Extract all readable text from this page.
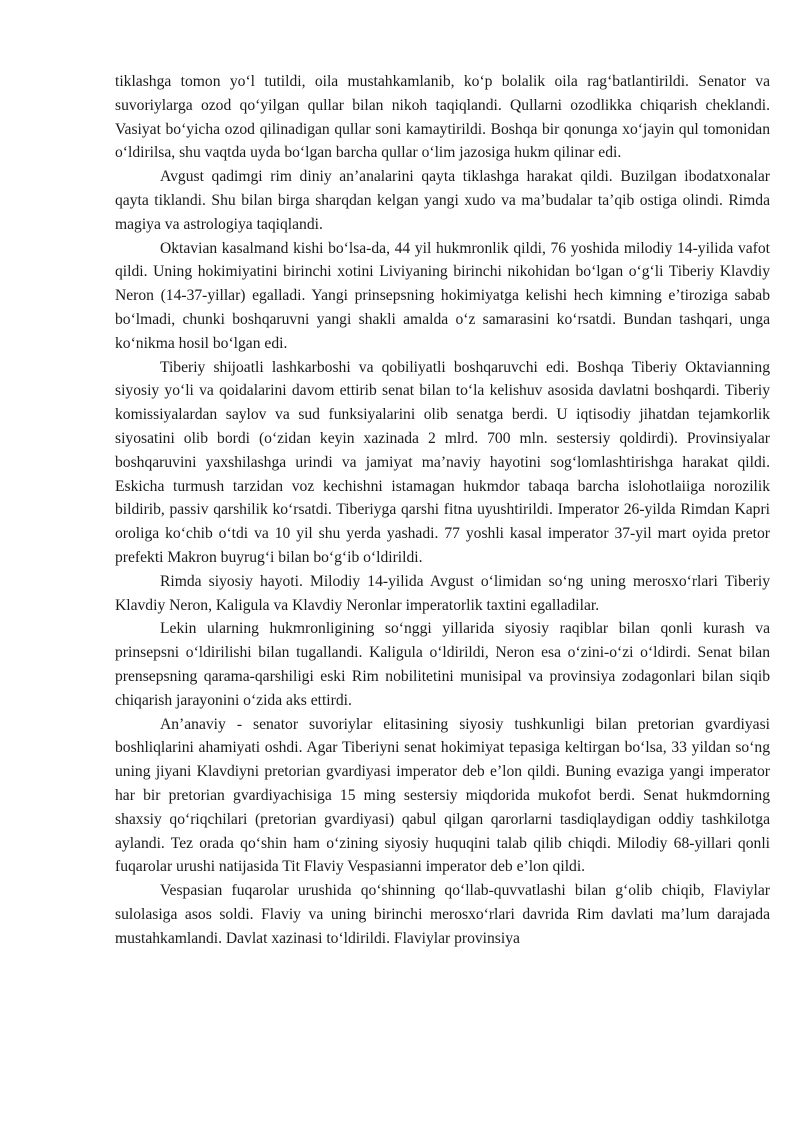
tiklashga tomon yo‘l tutildi, oila mustahkamlanib, ko‘p bolalik oila rag‘batlantirildi. Senator va suvoriylarga ozod qo‘yilgan qullar bilan nikoh taqiqlandi. Qullarni ozodlikka chiqarish cheklandi. Vasiyat bo‘yicha ozod qilinadigan qullar soni kamaytirildi. Boshqa bir qonunga xo‘jayin qul tomonidan o‘ldirilsa, shu vaqtda uyda bo‘lgan barcha qullar o‘lim jazosiga hukm qilinar edi.

Avgust qadimgi rim diniy an’analarini qayta tiklashga harakat qildi. Buzilgan ibodatxonalar qayta tiklandi. Shu bilan birga sharqdan kelgan yangi xudo va ma’budalar ta’qib ostiga olindi. Rimda magiya va astrologiya taqiqlandi.

Oktavian kasalmand kishi bo‘lsa-da, 44 yil hukmronlik qildi, 76 yoshida milodiy 14-yilida vafot qildi. Uning hokimiyatini birinchi xotini Liviyaning birinchi nikohidan bo‘lgan o‘g‘li Tiberiy Klavdiy Neron (14-37-yillar) egalladi. Yangi prinsepsning hokimiyatga kelishi hech kimning e’tiroziga sabab bo‘lmadi, chunki boshqaruvni yangi shakli amalda o‘z samarasini ko‘rsatdi. Bundan tashqari, unga ko‘nikma hosil bo‘lgan edi.

Tiberiy shijoatli lashkarboshi va qobiliyatli boshqaruvchi edi. Boshqa Tiberiy Oktavianning siyosiy yo‘li va qoidalarini davom ettirib senat bilan to‘la kelishuv asosida davlatni boshqardi. Tiberiy komissiyalardan saylov va sud funksiyalarini olib senatga berdi. U iqtisodiy jihatdan tejamkorlik siyosatini olib bordi (o‘zidan keyin xazinada 2 mlrd. 700 mln. sestersiy qoldirdi). Provinsiyalar boshqaruvini yaxshilashga urindi va jamiyat ma’naviy hayotini sog‘lomlashtirishga harakat qildi. Eskicha turmush tarzidan voz kechishni istamagan hukmdor tabaqa barcha islohotlaiiga norozilik bildirib, passiv qarshilik ko‘rsatdi. Tiberiyga qarshi fitna uyushtirildi. Imperator 26-yilda Rimdan Kapri oroliga ko‘chib o‘tdi va 10 yil shu yerda yashadi. 77 yoshli kasal imperator 37-yil mart oyida pretor prefekti Makron buyrug‘i bilan bo‘g‘ib o‘ldirildi.

Rimda siyosiy hayoti. Milodiy 14-yilida Avgust o‘limidan so‘ng uning merosxo‘rlari Tiberiy Klavdiy Neron, Kaligula va Klavdiy Neronlar imperatorlik taxtini egalladilar.

Lekin ularning hukmronligining so‘nggi yillarida siyosiy raqiblar bilan qonli kurash va prinsepsni o‘ldirilishi bilan tugallandi. Kaligula o‘ldirildi, Neron esa o‘zini-o‘zi o‘ldirdi. Senat bilan prensepsning qarama-qarshiligi eski Rim nobilitetini munisipal va provinsiya zodagonlari bilan siqib chiqarish jarayonini o‘zida aks ettirdi.

An’anaviy - senator suvoriylar elitasining siyosiy tushkunligi bilan pretorian gvardiyasi boshliqlarini ahamiyati oshdi. Agar Tiberiyni senat hokimiyat tepasiga keltirgan bo‘lsa, 33 yildan so‘ng uning jiyani Klavdiyni pretorian gvardiyasi imperator deb e’lon qildi. Buning evaziga yangi imperator har bir pretorian gvardiyachisiga 15 ming sestersiy miqdorida mukofot berdi. Senat hukmdorning shaxsiy qo‘riqchilari (pretorian gvardiyasi) qabul qilgan qarorlarni tasdiqlaydigan oddiy tashkilotga aylandi. Tez orada qo‘shin ham o‘zining siyosiy huquqini talab qilib chiqdi. Milodiy 68-yillari qonli fuqarolar urushi natijasida Tit Flaviy Vespasianni imperator deb e’lon qildi.

Vespasian fuqarolar urushida qo‘shinning qo‘llab-quvvatlashi bilan g‘olib chiqib, Flaviylar sulolasiga asos soldi. Flaviy va uning birinchi merosxo‘rlari davrida Rim davlati ma’lum darajada mustahkamlandi. Davlat xazinasi to‘ldirildi. Flaviylar provinsiya
